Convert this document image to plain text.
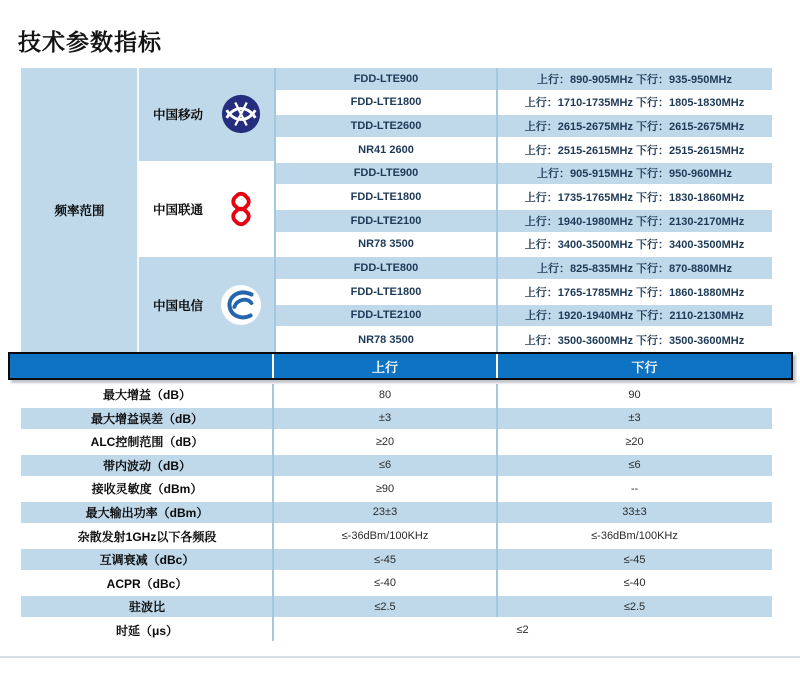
技术参数指标
频率范围
中国移动
中国联通
中国电信
FDD-LTE900	上行：890-905MHz 下行：935-950MHz
FDD-LTE1800	上行：1710-1735MHz 下行：1805-1830MHz
TDD-LTE2600	上行：2615-2675MHz 下行：2615-2675MHz
NR41 2600	上行：2515-2615MHz 下行：2515-2615MHz
FDD-LTE900	上行：905-915MHz 下行：950-960MHz
FDD-LTE1800	上行：1735-1765MHz 下行：1830-1860MHz
FDD-LTE2100	上行：1940-1980MHz 下行：2130-2170MHz
NR78 3500	上行：3400-3500MHz 下行：3400-3500MHz
FDD-LTE800	上行：825-835MHz 下行：870-880MHz
FDD-LTE1800	上行：1765-1785MHz 下行：1860-1880MHz
FDD-LTE2100	上行：1920-1940MHz 下行：2110-2130MHz
NR78 3500	上行：3500-3600MHz 下行：3500-3600MHz
上行	下行
最大增益（dB）	80	90
最大增益误差（dB）	±3	±3
ALC控制范围（dB）	≥20	≥20
带内波动（dB）	≤6	≤6
接收灵敏度（dBm）	≥90	--
最大输出功率（dBm）	23±3	33±3
杂散发射1GHz以下各频段	≤-36dBm/100KHz	≤-36dBm/100KHz
互调衰减（dBc）	≤-45	≤-45
ACPR（dBc）	≤-40	≤-40
驻波比	≤2.5	≤2.5
时延（μs）	≤2
